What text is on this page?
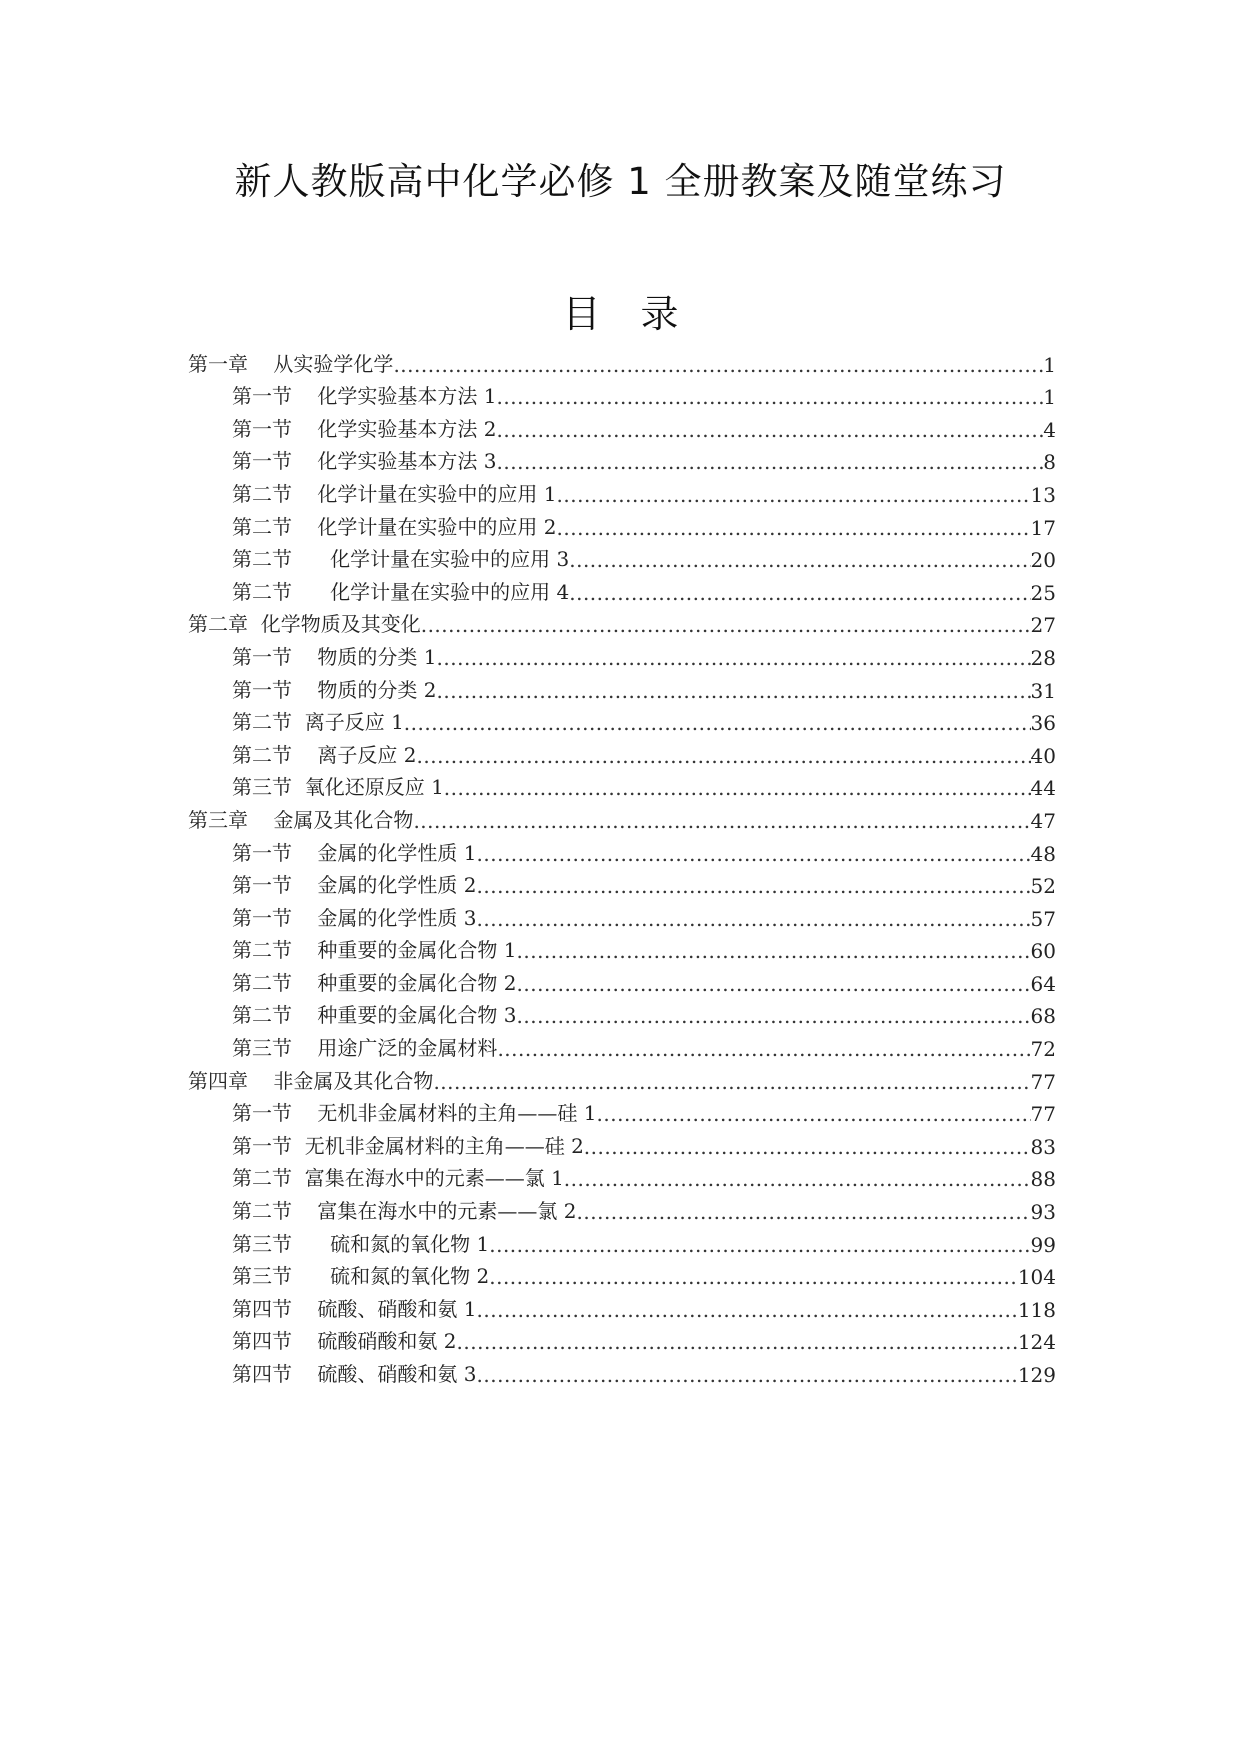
新人教版高中化学必修 1 全册教案及随堂练习
目 录
第一章    从实验学化学 .....	1
第一节    化学实验基本方法 1 .....	1
第一节    化学实验基本方法 2 .....	4
第一节    化学实验基本方法 3 .....	8
第二节    化学计量在实验中的应用 1 .....	13
第二节    化学计量在实验中的应用 2 .....	17
第二节      化学计量在实验中的应用 3 .....	20
第二节      化学计量在实验中的应用 4 .....	25
第二章  化学物质及其变化 .....	27
第一节    物质的分类 1 .....	28
第一节    物质的分类 2 .....	31
第二节  离子反应 1 .....	36
第二节    离子反应 2 .....	40
第三节  氧化还原反应 1 .....	44
第三章    金属及其化合物 .....	47
第一节    金属的化学性质 1 .....	48
第一节    金属的化学性质 2 .....	52
第一节    金属的化学性质 3 .....	57
第二节    种重要的金属化合物 1 .....	60
第二节    种重要的金属化合物 2 .....	64
第二节    种重要的金属化合物 3 .....	68
第三节    用途广泛的金属材料 .....	72
第四章    非金属及其化合物 .....	77
第一节    无机非金属材料的主角——硅 1 .....	77
第一节  无机非金属材料的主角——硅 2 .....	83
第二节  富集在海水中的元素——氯 1 .....	88
第二节    富集在海水中的元素——氯 2 .....	93
第三节      硫和氮的氧化物 1 .....	99
第三节      硫和氮的氧化物 2 .....	104
第四节    硫酸、硝酸和氨 1 .....	118
第四节    硫酸硝酸和氨 2 .....	124
第四节    硫酸、硝酸和氨 3 .....	129
